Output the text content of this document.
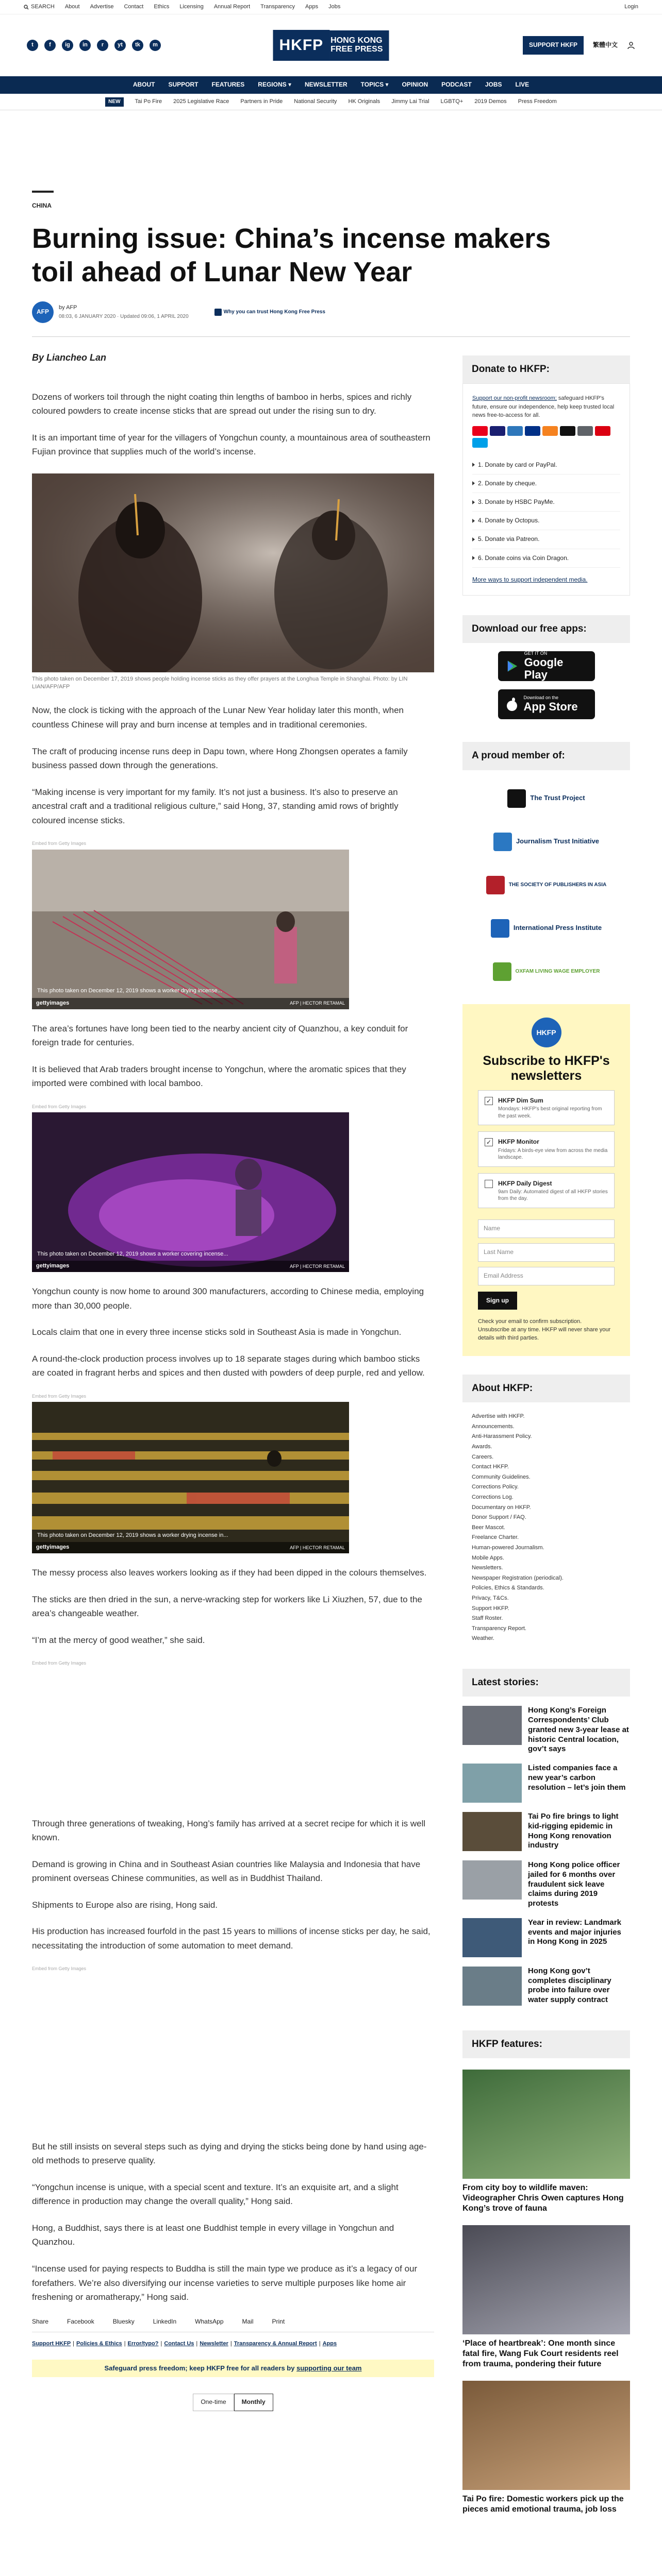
SEARCH About Advertise Contact Ethics Licensing Annual Report Transparency Apps Jobs	Login
t	f	ig	in	r	yt	tk	m	HKFP HONG KONG
FREE PRESS	SUPPORT HKFP	繁體中文
ABOUT SUPPORT FEATURES REGIONS ▾ NEWSLETTER TOPICS ▾ OPINION PODCAST JOBS LIVE
NEW	Tai Po Fire 2025 Legislative Race Partners in Pride National Security HK Originals Jimmy Lai Trial LGBTQ+ 2019 Demos Press Freedom
CHINA
Burning issue: China’s incense makers toil ahead of Lunar New Year
AFP
by AFP
08:03, 6 JANUARY 2020 · Updated 09:06, 1 APRIL 2020
Why you can trust Hong Kong Free Press
By Liancheo Lan

Dozens of workers toil through the night coating thin lengths of bamboo in herbs, spices and richly coloured powders to create incense sticks that are spread out under the rising sun to dry.

It is an important time of year for the villagers of Yongchun county, a mountainous area of southeastern Fujian province that supplies much of the world’s incense.

This photo taken on December 17, 2019 shows people holding incense sticks as they offer prayers at the Longhua Temple in Shanghai. Photo: by LIN LIAN/AFP/AFP

Now, the clock is ticking with the approach of the Lunar New Year holiday later this month, when countless Chinese will pray and burn incense at temples and in traditional ceremonies.

The craft of producing incense runs deep in Dapu town, where Hong Zhongsen operates a family business passed down through the generations.

“Making incense is very important for my family. It’s not just a business. It’s also to preserve an ancestral craft and a traditional religious culture,” said Hong, 37, standing amid rows of brightly coloured incense sticks.

Embed from Getty Images
This photo taken on December 12, 2019 shows a worker drying incense...
gettyimages	AFP | HECTOR RETAMAL

The area’s fortunes have long been tied to the nearby ancient city of Quanzhou, a key conduit for foreign trade for centuries.

It is believed that Arab traders brought incense to Yongchun, where the aromatic spices that they imported were combined with local bamboo.

Embed from Getty Images
This photo taken on December 12, 2019 shows a worker covering incense...
gettyimages	AFP | HECTOR RETAMAL

Yongchun county is now home to around 300 manufacturers, according to Chinese media, employing more than 30,000 people.

Locals claim that one in every three incense sticks sold in Southeast Asia is made in Yongchun.

A round-the-clock production process involves up to 18 separate stages during which bamboo sticks are coated in fragrant herbs and spices and then dusted with powders of deep purple, red and yellow.

Embed from Getty Images
This photo taken on December 12, 2019 shows a worker drying incense in...
gettyimages	AFP | HECTOR RETAMAL

The messy process also leaves workers looking as if they had been dipped in the colours themselves.

The sticks are then dried in the sun, a nerve-wracking step for workers like Li Xiuzhen, 57, due to the area’s changeable weather.

“I’m at the mercy of good weather,” she said.

Embed from Getty Images

Through three generations of tweaking, Hong’s family has arrived at a secret recipe for which it is well known.

Demand is growing in China and in Southeast Asian countries like Malaysia and Indonesia that have prominent overseas Chinese communities, as well as in Buddhist Thailand.

Shipments to Europe also are rising, Hong said.

His production has increased fourfold in the past 15 years to millions of incense sticks per day, he said, necessitating the introduction of some automation to meet demand.

Embed from Getty Images

But he still insists on several steps such as dying and drying the sticks being done by hand using age-old methods to preserve quality.

“Yongchun incense is unique, with a special scent and texture. It’s an exquisite art, and a slight difference in production may change the overall quality,” Hong said.

Hong, a Buddhist, says there is at least one Buddhist temple in every village in Yongchun and Quanzhou.

“Incense used for paying respects to Buddha is still the main type we produce as it’s a legacy of our forefathers. We’re also diversifying our incense varieties to serve multiple purposes like home air freshening or aromatherapy,” Hong said.

Share	Facebook	Bluesky	LinkedIn	WhatsApp	Mail	Print
Support HKFP | Policies & Ethics | Error/typo? | Contact Us | Newsletter | Transparency & Annual Report | Apps
Safeguard press freedom; keep HKFP free for all readers by
supporting our team
One-time	Monthly
Donate to HKFP:
Support our non-profit newsroom; safeguard HKFP's future, ensure our independence, help keep trusted local news free-to-access for all.
1. Donate by card or PayPal.
2. Donate by cheque.
3. Donate by HSBC PayMe.
4. Donate by Octopus.
5. Donate via Patreon.
6. Donate coins via Coin Dragon.
More ways to support independent media.
Download our free apps:
GET IT ON
Google Play
Download on the
App Store
A proud member of:
The Trust Project
Journalism Trust Initiative
THE SOCIETY OF PUBLISHERS IN ASIA
International Press Institute
OXFAM LIVING WAGE EMPLOYER
HKFP
Subscribe to HKFP's newsletters
✓ HKFP Dim Sum
Mondays: HKFP's best original reporting from the past week.
✓ HKFP Monitor
Fridays: A birds-eye view from across the media landscape.
HKFP Daily Digest
9am Daily: Automated digest of all HKFP stories from the day.
Name
Last Name
Email Address
Sign up
Check your email to confirm subscription. Unsubscribe at any time. HKFP will never share your details with third parties.
About HKFP:
Advertise with HKFP.
Announcements.
Anti-Harassment Policy.
Awards.
Careers.
Contact HKFP.
Community Guidelines.
Corrections Policy.
Corrections Log.
Documentary on HKFP.
Donor Support / FAQ.
Beer Mascot.
Freelance Charter.
Human-powered Journalism.
Mobile Apps.
Newsletters.
Newspaper Registration (periodical).
Policies, Ethics & Standards.
Privacy, T&Cs.
Support HKFP.
Staff Roster.
Transparency Report.
Weather.
Latest stories:
Hong Kong’s Foreign Correspondents’ Club granted new 3-year lease at historic Central location, gov’t says
Listed companies face a new year’s carbon resolution – let’s join them
Tai Po fire brings to light kid-rigging epidemic in Hong Kong renovation industry
Hong Kong police officer jailed for 6 months over fraudulent sick leave claims during 2019 protests
Year in review: Landmark events and major injuries in Hong Kong in 2025
Hong Kong gov’t completes disciplinary probe into failure over water supply contract
HKFP features:
From city boy to wildlife maven: Videographer Chris Owen captures Hong Kong’s trove of fauna
‘Place of heartbreak’: One month since fatal fire, Wang Fuk Court residents reel from trauma, pondering their future
Tai Po fire: Domestic workers pick up the pieces amid emotional trauma, job loss
